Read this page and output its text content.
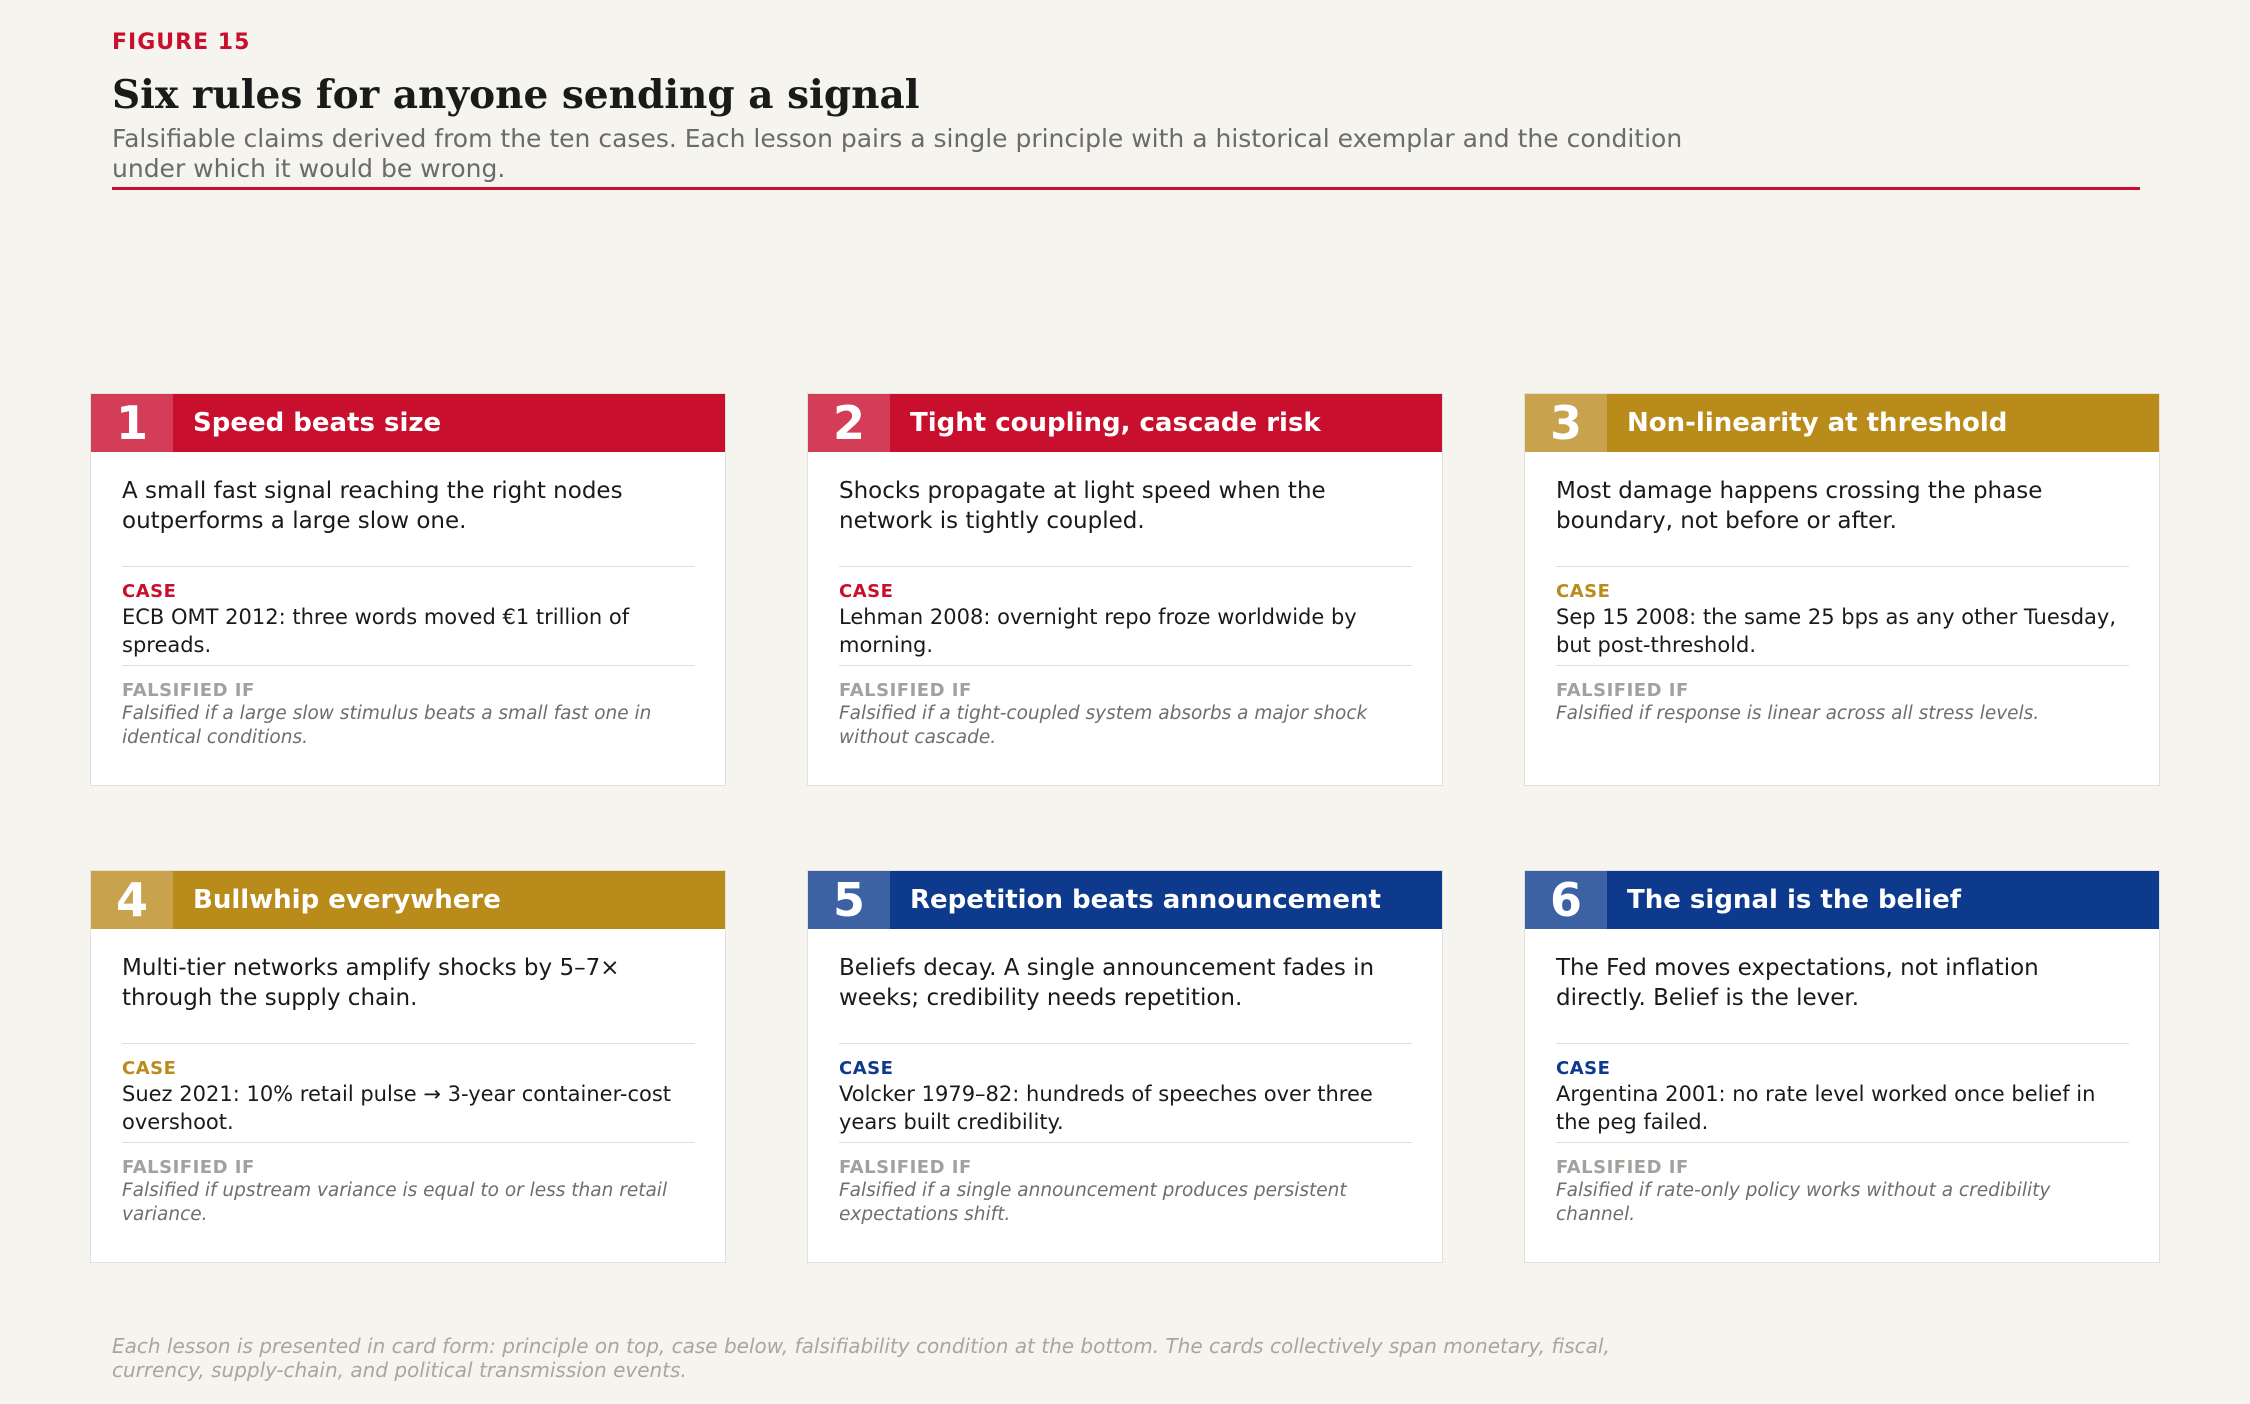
FIGURE 15
Six rules for anyone sending a signal
Falsifiable claims derived from the ten cases. Each lesson pairs a single principle with a historical exemplar and the condition under which it would be wrong.
1	Speed beats size
A small fast signal reaching the right nodes outperforms a large slow one.
CASE
ECB OMT 2012: three words moved €1 trillion of spreads.
FALSIFIED IF
Falsified if a large slow stimulus beats a small fast one in identical conditions.
2	Tight coupling, cascade risk
Shocks propagate at light speed when the network is tightly coupled.
CASE
Lehman 2008: overnight repo froze worldwide by morning.
FALSIFIED IF
Falsified if a tight-coupled system absorbs a major shock without cascade.
3	Non-linearity at threshold
Most damage happens crossing the phase boundary, not before or after.
CASE
Sep 15 2008: the same 25 bps as any other Tuesday, but post-threshold.
FALSIFIED IF
Falsified if response is linear across all stress levels.
4	Bullwhip everywhere
Multi-tier networks amplify shocks by 5–7× through the supply chain.
CASE
Suez 2021: 10% retail pulse → 3-year container-cost overshoot.
FALSIFIED IF
Falsified if upstream variance is equal to or less than retail variance.
5	Repetition beats announcement
Beliefs decay. A single announcement fades in weeks; credibility needs repetition.
CASE
Volcker 1979–82: hundreds of speeches over three years built credibility.
FALSIFIED IF
Falsified if a single announcement produces persistent expectations shift.
6	The signal is the belief
The Fed moves expectations, not inflation directly. Belief is the lever.
CASE
Argentina 2001: no rate level worked once belief in the peg failed.
FALSIFIED IF
Falsified if rate-only policy works without a credibility channel.
Each lesson is presented in card form: principle on top, case below, falsifiability condition at the bottom. The cards collectively span monetary, fiscal, currency, supply-chain, and political transmission events.
